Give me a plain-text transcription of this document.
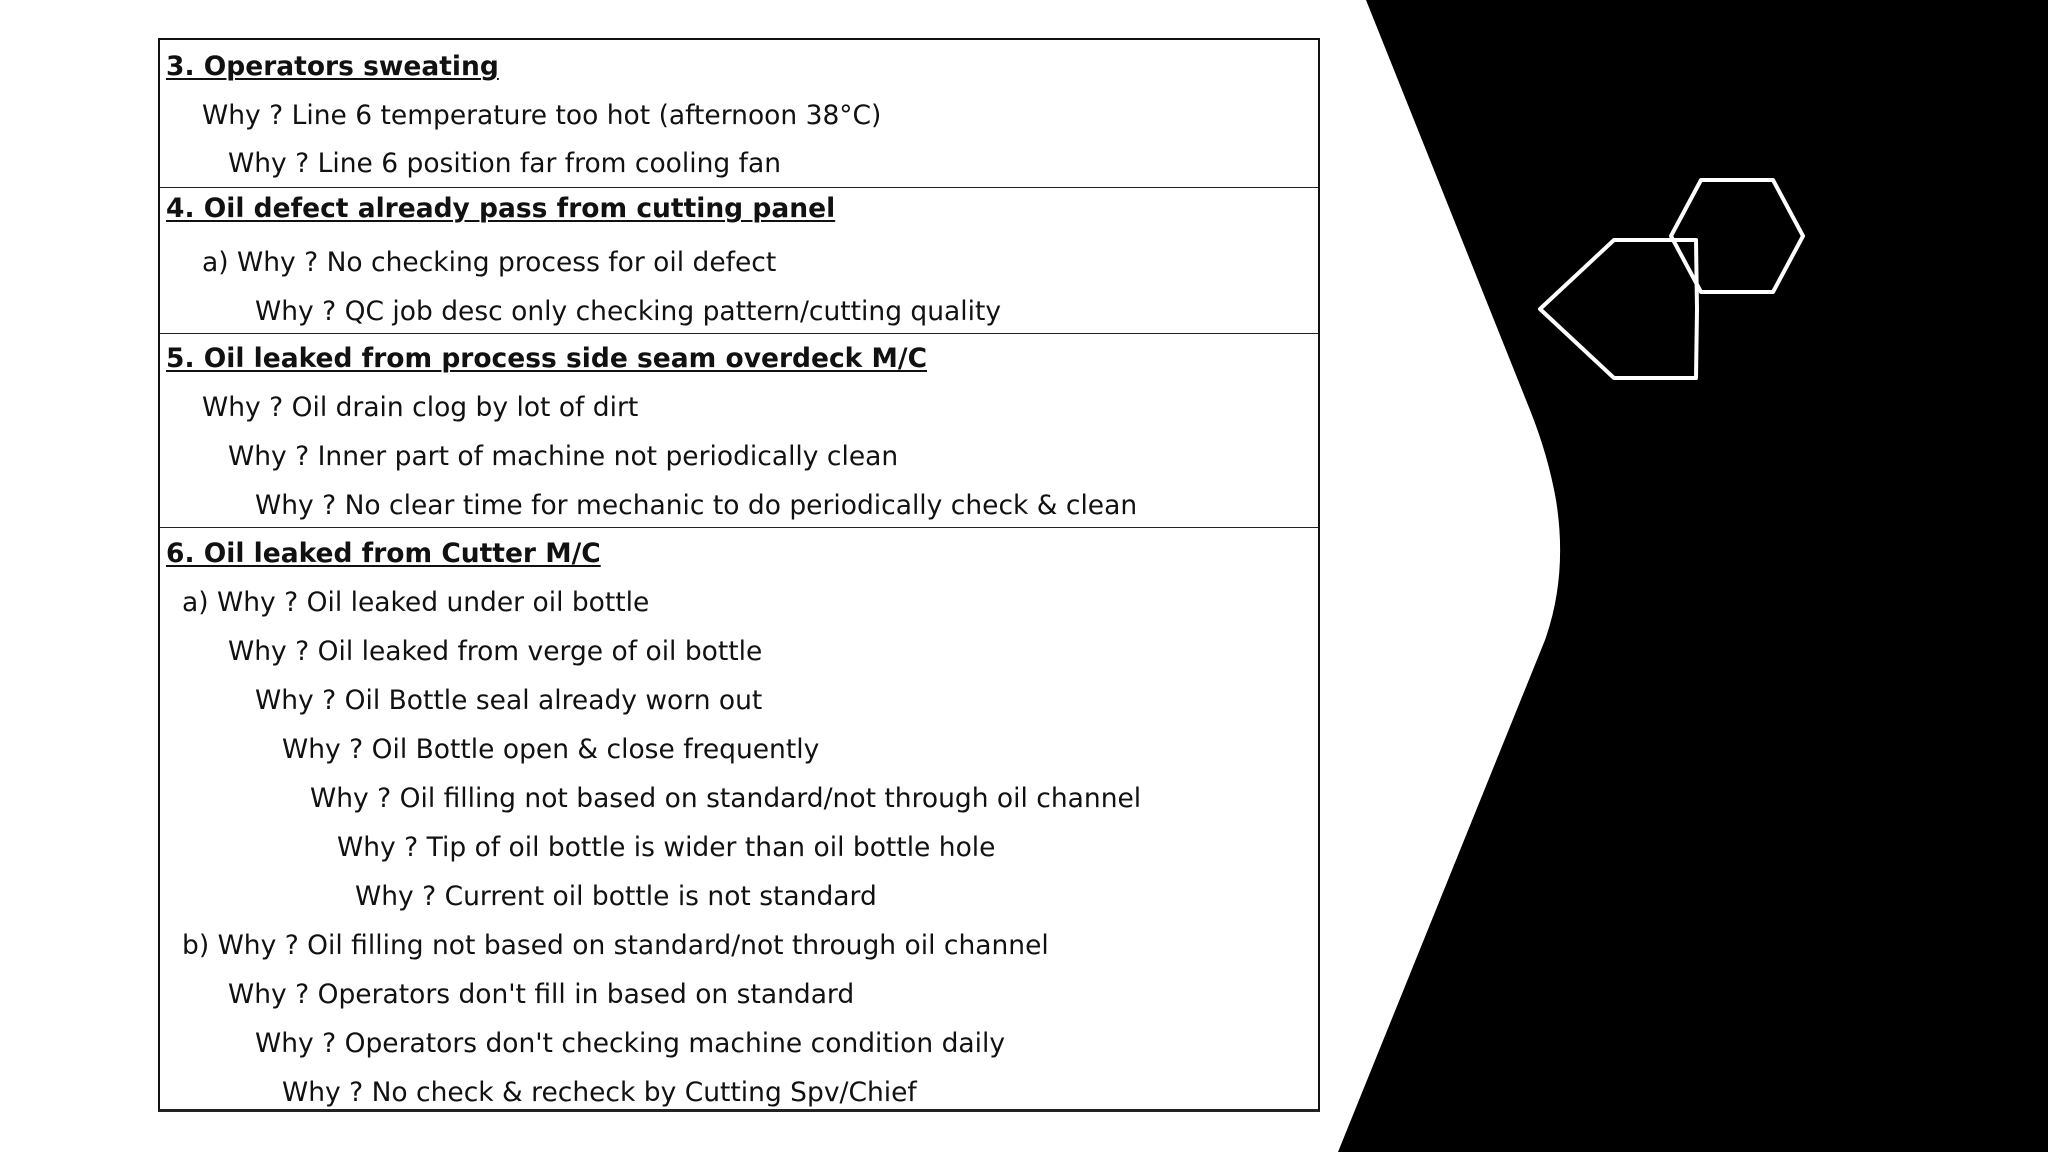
3. Operators sweating
Why ? Line 6 temperature too hot (afternoon 38°C)
Why ? Line 6 position far from cooling fan
4. Oil defect already pass from cutting panel
a) Why ? No checking process for oil defect
Why ? QC job desc only checking pattern/cutting quality
5. Oil leaked from process side seam overdeck M/C
Why ? Oil drain clog by lot of dirt
Why ? Inner part of machine not periodically clean
Why ? No clear time for mechanic to do periodically check & clean
6. Oil leaked from Cutter M/C
a) Why ? Oil leaked under oil bottle
Why ? Oil leaked from verge of oil bottle
Why ? Oil Bottle seal already worn out
Why ? Oil Bottle open & close frequently
Why ? Oil filling not based on standard/not through oil channel
Why ? Tip of oil bottle is wider than oil bottle hole
Why ? Current oil bottle is not standard
b) Why ? Oil filling not based on standard/not through oil channel
Why ? Operators don't fill in based on standard
Why ? Operators don't checking machine condition daily
Why ? No check & recheck by Cutting Spv/Chief
